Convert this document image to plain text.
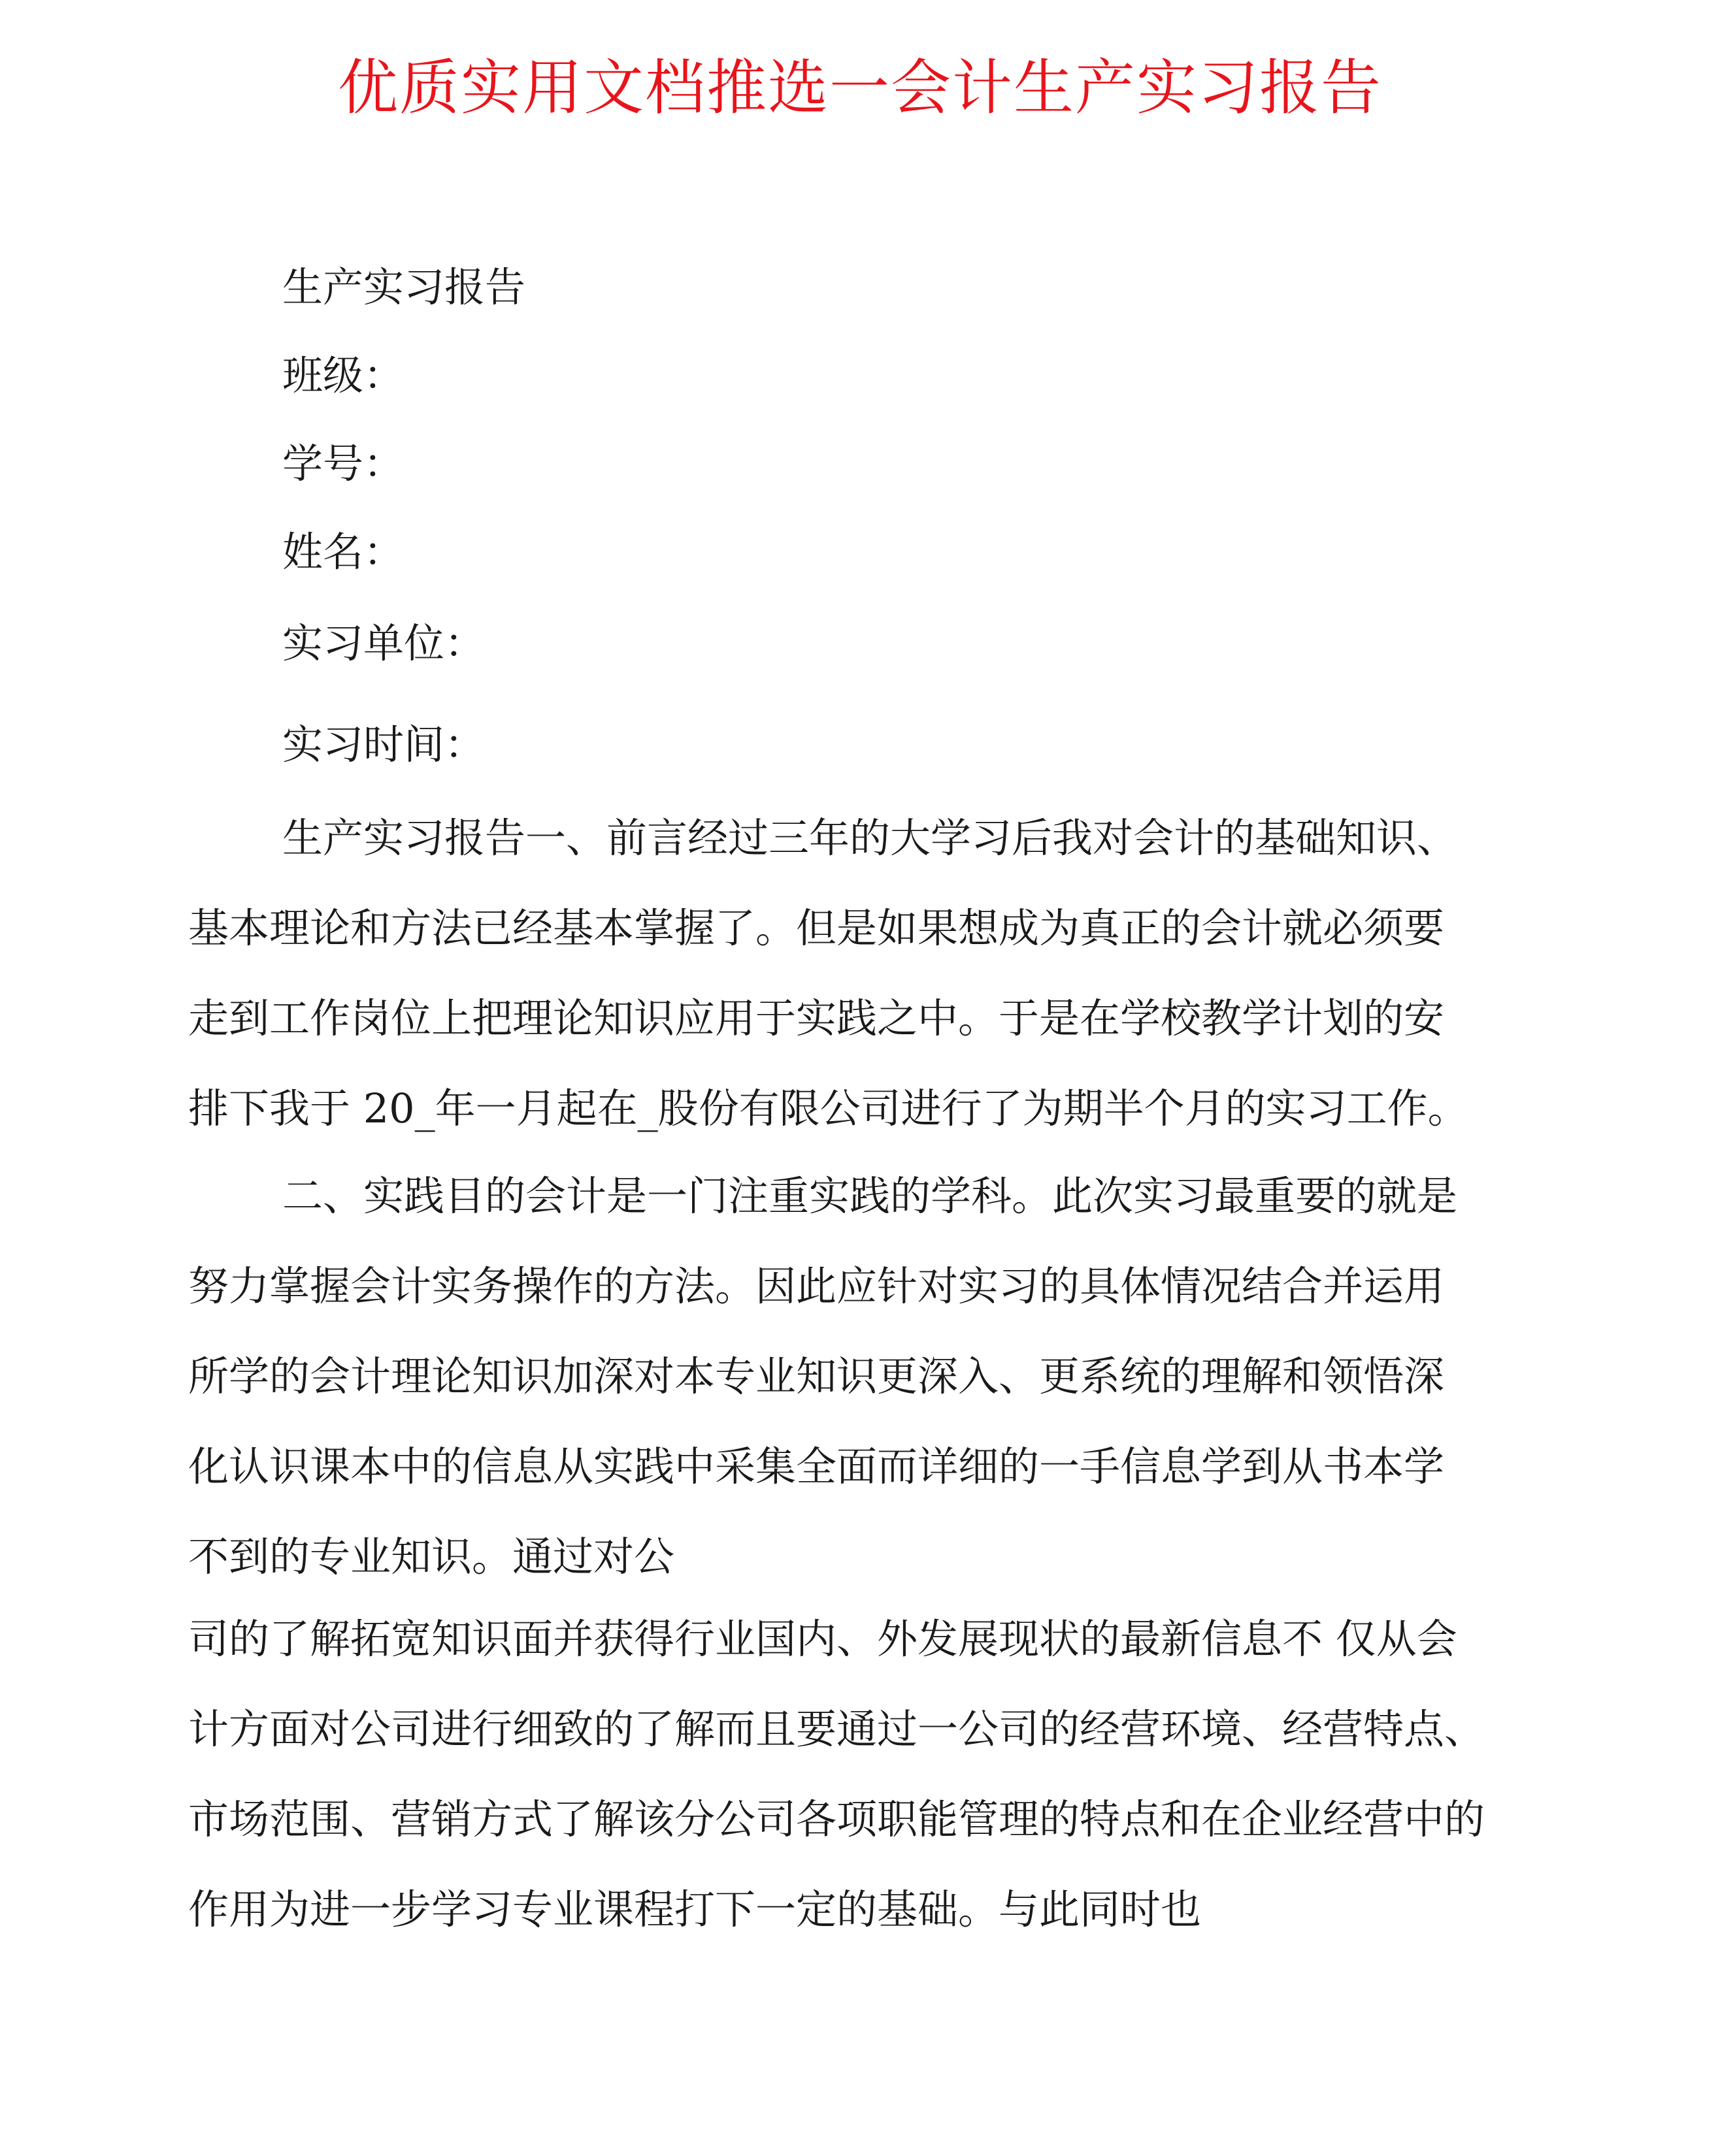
优质实用文档推选一会计生产实习报告
生产实习报告
班级：
学号：
姓名：
实习单位：
实习时间：
生产实习报告一、前言经过三年的大学习后我对会计的基础知识、
基本理论和方法已经基本掌握了。但是如果想成为真正的会计就必须要
走到工作岗位上把理论知识应用于实践之中。于是在学校教学计划的安
排下我于 20_年一月起在_股份有限公司进行了为期半个月的实习工作。
二、实践目的会计是一门注重实践的学科。此次实习最重要的就是
努力掌握会计实务操作的方法。因此应针对实习的具体情况结合并运用
所学的会计理论知识加深对本专业知识更深入、更系统的理解和领悟深
化认识课本中的信息从实践中采集全面而详细的一手信息学到从书本学
不到的专业知识。通过对公
司的了解拓宽知识面并获得行业国内、外发展现状的最新信息不 仅从会
计方面对公司进行细致的了解而且要通过一公司的经营环境、经营特点、
市场范围、营销方式了解该分公司各项职能管理的特点和在企业经营中的
作用为进一步学习专业课程打下一定的基础。与此同时也
